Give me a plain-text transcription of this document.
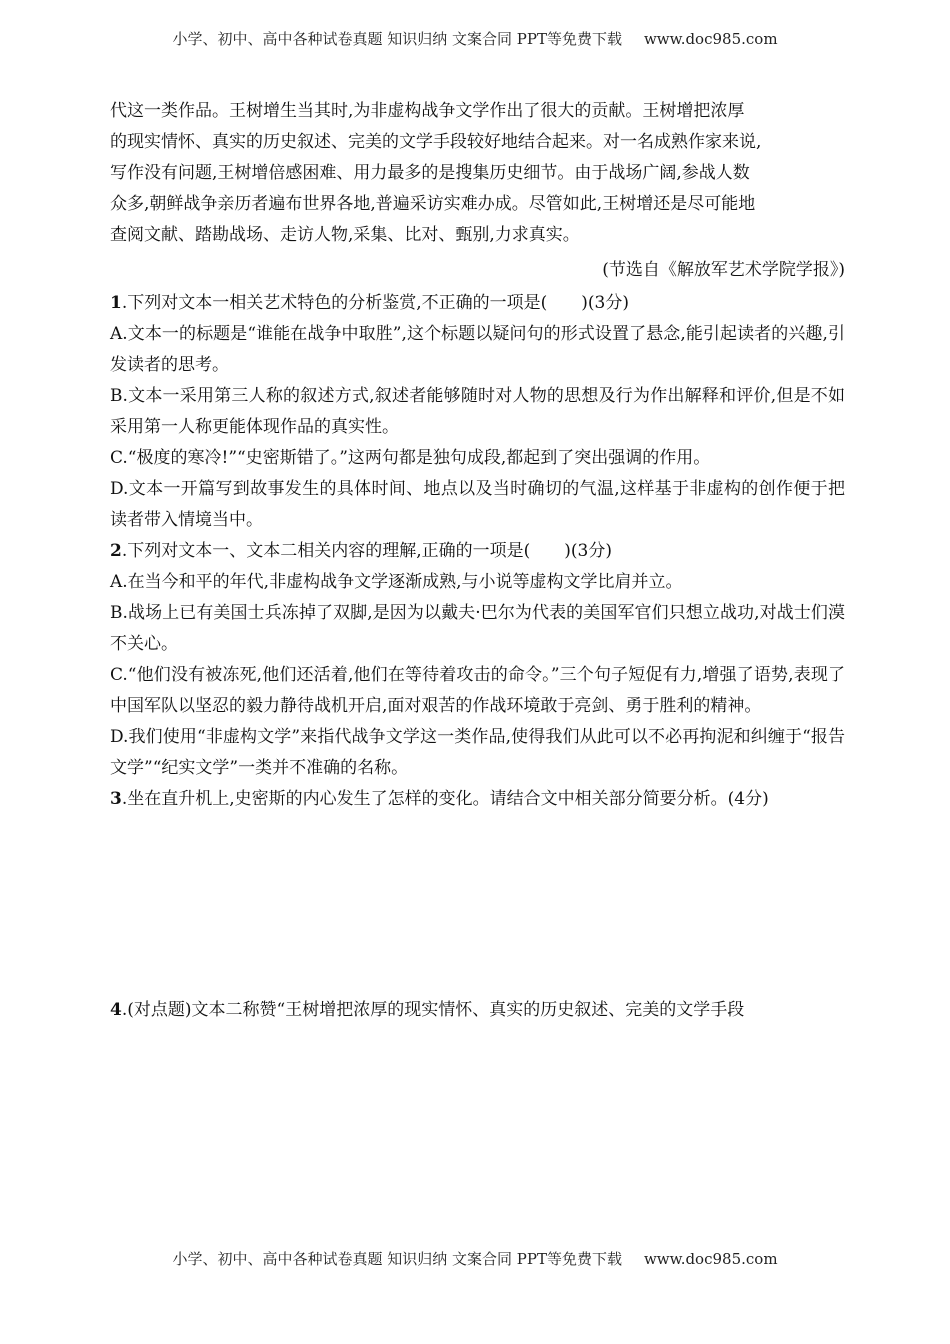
小学、初中、高中各种试卷真题 知识归纳 文案合同 PPT等免费下载 www.doc985.com

代这一类作品。王树增生当其时,为非虚构战争文学作出了很大的贡献。王树增把浓厚

的现实情怀、真实的历史叙述、完美的文学手段较好地结合起来。对一名成熟作家来说,

写作没有问题,王树增倍感困难、用力最多的是搜集历史细节。由于战场广阔,参战人数

众多,朝鲜战争亲历者遍布世界各地,普遍采访实难办成。尽管如此,王树增还是尽可能地

查阅文献、踏勘战场、走访人物,采集、比对、甄别,力求真实。

(节选自《解放军艺术学院学报》)

1.下列对文本一相关艺术特色的分析鉴赏,不正确的一项是(　　)(3分)

A.文本一的标题是“谁能在战争中取胜”,这个标题以疑问句的形式设置了悬念,能引起读者的兴趣,引发读者的思考。

B.文本一采用第三人称的叙述方式,叙述者能够随时对人物的思想及行为作出解释和评价,但是不如采用第一人称更能体现作品的真实性。

C.“极度的寒冷!”“史密斯错了。”这两句都是独句成段,都起到了突出强调的作用。

D.文本一开篇写到故事发生的具体时间、地点以及当时确切的气温,这样基于非虚构的创作便于把读者带入情境当中。

2.下列对文本一、文本二相关内容的理解,正确的一项是(　　)(3分)

A.在当今和平的年代,非虚构战争文学逐渐成熟,与小说等虚构文学比肩并立。

B.战场上已有美国士兵冻掉了双脚,是因为以戴夫·巴尔为代表的美国军官们只想立战功,对战士们漠不关心。

C.“他们没有被冻死,他们还活着,他们在等待着攻击的命令。”三个句子短促有力,增强了语势,表现了中国军队以坚忍的毅力静待战机开启,面对艰苦的作战环境敢于亮剑、勇于胜利的精神。

D.我们使用“非虚构文学”来指代战争文学这一类作品,使得我们从此可以不必再拘泥和纠缠于“报告文学”“纪实文学”一类并不准确的名称。

3.坐在直升机上,史密斯的内心发生了怎样的变化。请结合文中相关部分简要分析。(4分)

4.(对点题)文本二称赞“王树增把浓厚的现实情怀、真实的历史叙述、完美的文学手段

小学、初中、高中各种试卷真题 知识归纳 文案合同 PPT等免费下载 www.doc985.com
